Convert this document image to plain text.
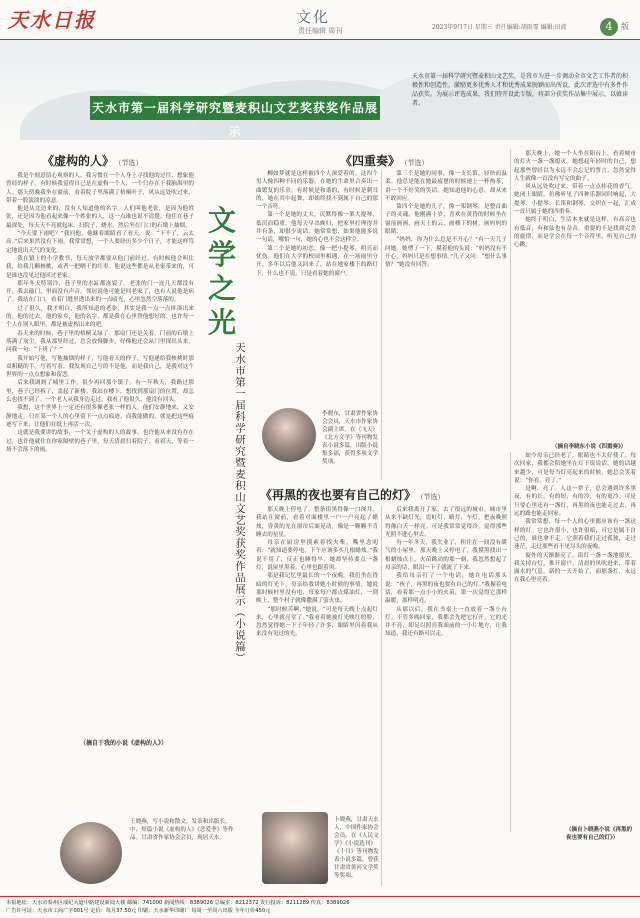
天水日报	文化
责任编辑 周刊	2023年9月7日 星期三 责任编辑:胡雨霏 编辑:田波	4	版
天水市第一届科学研究暨麦积山文艺奖获奖作品展示
天水市第一届科学研究暨麦积山文艺奖，是我市为进一步调动全市文艺工作者的积极性和创造性，激励更多优秀人才和优秀成果脱颖而出所设，此次评选中有多件作品获奖。为展示评选成果，我们特开设此专版，将部分获奖作品集中展示，以飨读者。
《虚构的人》 （节选）	《四重奏》 （节选）

我是个刻意留心观察的人。我习惯在一个人身上寻找他的过往，想象他曾经的样子。有时候我觉得自己是在虚构一个人，一个只存在于我脑海里的人。那天傍晚我坐在窗前，看着院子里落满了梧桐叶子，风从远处吹过来，带着一股淡淡的凉意。

他是从北边来的，没有人知道他的名字。人们叫他老张，是因为他姓张，还是因为他看起来像一个姓张的人，这一点谁也说不清楚。他住在巷子最深处，每天天不亮就起床，扫院子，烧水，然后坐在门口的石墩上抽烟。

“今天要下雨吧？”我问他。他眯着眼睛看了看天，说：“下不了，云太高。”后来果然没有下雨。我常常想，一个人要经历多少个日子，才能这样笃定地说出天气的变化。

我在镇上的小学教书，每天放学都要从他门前经过。有时候他会叫住我，给我几颗核桃，或者一把晒干的红枣。他说这些都是从老家带来的，可是谁也没见过他回过老家。

那年冬天特别冷，巷子里的水缸都冻裂了。老张的门一连几天都没有开。我去敲门，里面没有声音。邻居说他可能是回老家了，也有人说他是病了。我站在门口，看着门缝里透出来的一点暗光，心里忽然空落落的。

过了很久，我才明白，我所知道的老张，其实是我一点一点拼凑出来的。他的过去，他的家乡，他的名字，都是我在心里替他想好的。也许每一个人在别人眼里，都是被虚构出来的吧。

春天来的时候，巷子里的梧桐又绿了。那扇门还是关着，门前的石墩上落满了灰尘。我从那里经过，总会放慢脚步，好像他还会从门里探出头来，问我一句：“下班了？”

我开始写他，写他抽烟的样子，写他看天的样子，写他递给我核桃时那双粗糙的手。写着写着，我发现自己写的不是他，而是我自己，是我对这个世界的一点点想象和留恋。

后来我调到了城里工作，很少再回那个镇子。有一年秋天，我路过那里，巷子已经拆了，盖起了新楼。我站在楼下，想找到那扇门的位置，却怎么也找不到了。一个老人从我身边走过，我看了他很久，他没有回头。

我想，这个世界上一定还有很多像老张一样的人，他们安静地来，又安静地走，只在某一个人的心里留下一点点痕迹。而我能做的，就是把这些痕迹写下来，让他们在纸上再活一次。

这就是我要讲的故事，一个关于虚构的人的故事。也许他从来没有存在过，也许他就住在你家隔壁的巷子里，每天清晨扫着院子，看着天，等着一场不会落下的雨。

（摘自于我的小说《虚构的人》）
文
学
之
光
天水市第一届科学研究暨麦积山文艺奖获奖作品展示（小说篇）

柳如梦就是这样被四个人深爱着的。这四个男人像四种不同的乐器，在她的生命里合奏出一曲繁复的乐章。有时候是和谐的，有时候是刺耳的，她在其中起舞，却始终找不到属于自己的那一个音符。

第一个是她的丈夫，沉默得像一架大提琴，低沉而稳重。他每天早出晚归，把家里打理得井井有条，却很少说话。她常常想，如果他能多说一句话，哪怕一句，她的心也不会这样空。

第二个是她的初恋，像一把小提琴，明亮而忧伤。他们在大学的校园里相遇，在一场雨里分开。多年以后他又回来了，站在她家楼下的路灯下，什么也不说，只是看着她的窗户。

第三个是她的同事，像一支长笛，轻快而温柔。他总是能在她最疲惫的时候递上一杯热茶，讲一个不好笑的笑话。她知道他的心意，却从来不敢回应。

第四个是她的儿子，像一架钢琴，是整首曲子的灵魂。他刚满十岁，喜欢在黄昏的时候坐在窗前画画，画天上的云，画楼下的树，画妈妈的眼睛。

“妈妈，你为什么总是不开心？”有一天儿子问她。她愣了一下，摸着他的头说：“妈妈没有不开心，妈妈只是在想事情。”儿子又问：“想什么事情？”她没有回答。

那天晚上，她一个人坐在阳台上，看着城市的灯火一盏一盏熄灭。她想起年轻时的自己，想起那些曾经以为永远不会忘记的誓言，忽然觉得人生就像一首没有写完的曲子。

风从远处吹过来，带着一点点桂花的香气。她闭上眼睛，仿佛听见了四种乐器同时响起，大提琴、小提琴、长笛和钢琴，交织在一起，汇成一首只属于她的四重奏。

她终于明白，生活本来就是这样，有高音也有低音，有和弦也有杂音。重要的不是找到完美的旋律，而是学会在每一个音符里，听见自己的心跳。

李晓东，甘肃省作家协会会员，天水市作家协会副主席。在《飞天》《北方文学》等刊物发表小说多篇，出版小说集多部，获得多项文学奖项。
（摘自李晓东小说《四重奏》）
《再黑的夜也要有自己的灯》 （节选）

那天晚上停电了，整条街黑得像一口深井。我站在窗前，看着对面楼里一户一户亮起了蜡烛，昏黄的光在窗帘后面晃动，像是一颗颗不肯睡去的星星。

母亲在厨房里摸索着找火柴，嘴里念叨着：“就知道要停电，下午应该多买几根蜡烛。”我说不用了，反正也睡得早。她却坚持要点一盏灯，说屋里黑着，心里也跟着黑。

那是我记忆里最长的一个夜晚。我们坐在昏暗的灯光下，母亲给我讲她小时候的事情。她说那时候村里没有电，每家每户都点煤油灯，一到晚上，整个村子就像撒满了萤火虫。

“那时候苦啊，”她说，“可是每天晚上点起灯来，心里就亮堂了。”我看着她被灯光映红的脸，忽然觉得她一下子年轻了许多，眼睛里闪着我从来没有见过的光。

后来我离开了家，去了很远的城市。城市里从来不缺灯光，霓虹灯、路灯、车灯，把夜晚照得像白天一样亮。可是我常常觉得冷，觉得那些光照不进心里去。

有一年冬天，我失业了，租住在一间没有暖气的小屋里。那天晚上又停电了，我摸黑找出一根蜡烛点上。火苗跳动的那一刻，我忽然想起了母亲的话，眼泪一下子就流了下来。

我给母亲打了一个电话，她在电话那头说：“孩子，再黑的夜也要有自己的灯。”我握着电话，看着那一点小小的火苗，第一次觉得它那样温暖，那样明亮。

从那以后，我在书桌上一直放着一盏小台灯。不管多晚回家，我都会先把它打开。它的光并不亮，却足以照亮我面前的一小片地方，让我知道，我还有路可以走。

如今母亲已经老了，眼睛也不太好使了。每次回家，我都会陪她坐在灯下说说话。她的话越来越少，可是每当灯亮起来的时候，她总会笑着说：“你看，亮了。”

是啊，亮了。人这一辈子，总会遇到许多黑夜，有的长，有的短，有的冷，有的更冷。可是只要心里还有一盏灯，再黑的夜也能走过去，再远的路也能走回家。

我常常想，每一个人的心里都应该有一盏这样的灯。它也许很小，也许很暗，可它是属于自己的，谁也拿不走。它照着我们走过孤独，走过迷茫，走过那些看不见尽头的夜晚。

窗外的天渐渐亮了，街灯一盏一盏地熄灭。我关掉台灯，推开窗户，清晨的风吹进来，带着露水的气息。新的一天开始了，而那盏灯，永远在我心里亮着。

（摘自卜晓燕小说《再黑的夜也要有自己的灯》）
卜晓燕，甘肃天水人，中国作家协会会员。在《人民文学》《小说选刊》《十月》等刊物发表小说多篇，曾获甘肃省黄河文学奖等奖项。
王晓燕，写小说和散文，发表和出版长、中、短篇小说《虚构的人》《恋爱季》等作品。甘肃省作家协会会员，现居天水。
本报地址：天水市秦州区成纪大道中路建设新闻大楼 邮编：741000 新闻热线：8389026 总编室：8212372 发行投诉：8211289 传真：8389026
广告许可证：天水市工商广字001号 定价：每月37.50元 印刷：天水新华印刷厂 每周一至周六出版 全年订价450元
